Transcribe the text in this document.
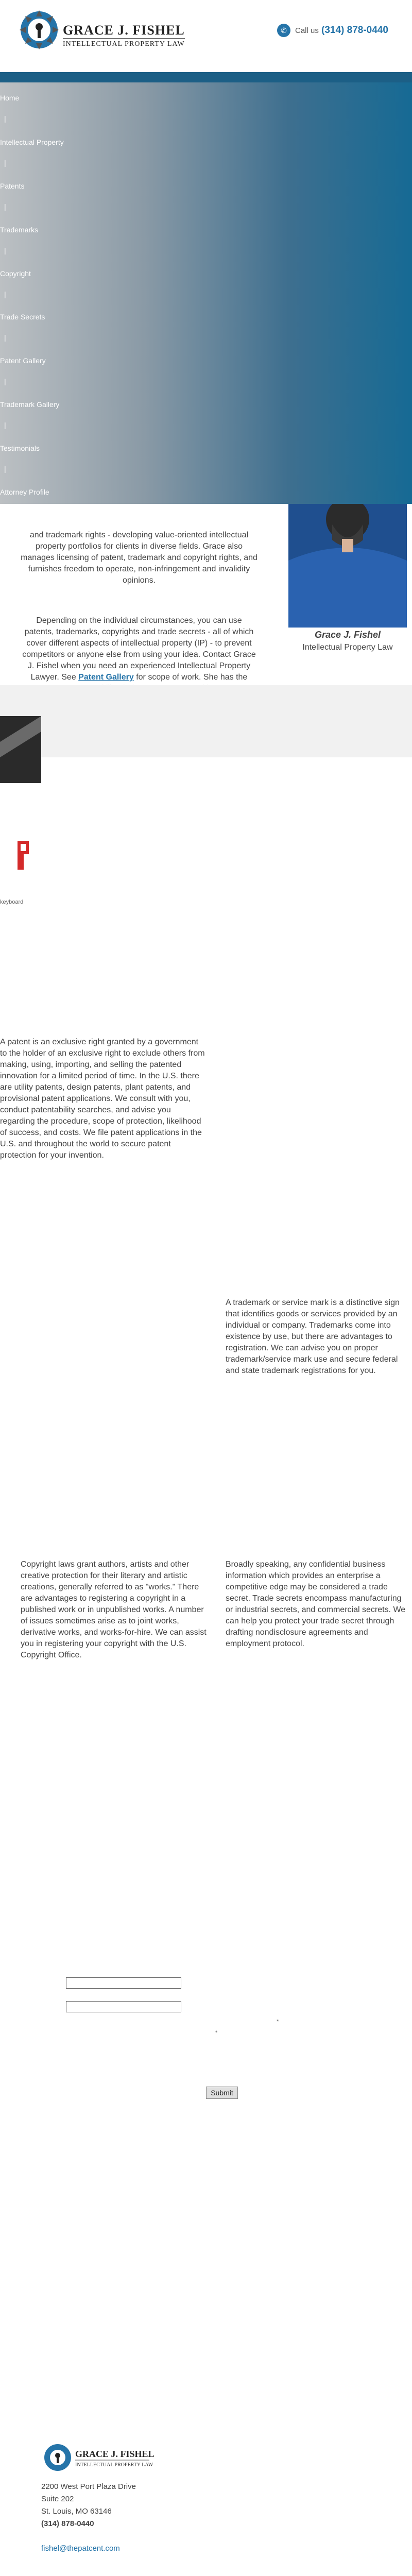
GRACE J. FISHEL
INTELLECTUAL PROPERTY LAW
✆	Call us (314) 878-0440
Home
|
Intellectual Property
|
Patents
|
Trademarks
|
Copyright
|
Trade Secrets
|
Patent Gallery
|
Trademark Gallery
|
Testimonials
|
Attorney Profile

and trademark rights - developing value-oriented intellectual property portfolios for clients in diverse fields. Grace also manages licensing of patent, trademark and copyright rights, and furnishes freedom to operate, non-infringement and invalidity opinions.

Depending on the individual circumstances, you can use patents, trademarks, copyrights and trade secrets - all of which cover different aspects of intellectual property (IP) - to prevent competitors or anyone else from using your idea. Contact Grace J. Fishel when you need an experienced Intellectual Property Lawyer. See Patent Gallery for scope of work. She has the

Grace J. Fishel
Intellectual Property Law
keyboard

A patent is an exclusive right granted by a government to the holder of an exclusive right to exclude others from making, using, importing, and selling the patented innovation for a limited period of time. In the U.S. there are utility patents, design patents, plant patents, and provisional patent applications. We consult with you, conduct patentability searches, and advise you regarding the procedure, scope of protection, likelihood of success, and costs. We file patent applications in the U.S. and throughout the world to secure patent protection for your invention.

A trademark or service mark is a distinctive sign that identifies goods or services provided by an individual or company. Trademarks come into existence by use, but there are advantages to registration. We can advise you on proper trademark/service mark use and secure federal and state trademark registrations for you.

Copyright laws grant authors, artists and other creative protection for their literary and artistic creations, generally referred to as "works." There are advantages to registering a copyright in a published work or in unpublished works. A number of issues sometimes arise as to joint works, derivative works, and works-for-hire. We can assist you in registering your copyright with the U.S. Copyright Office.

Broadly speaking, any confidential business information which provides an enterprise a competitive edge may be considered a trade secret. Trade secrets encompass manufacturing or industrial secrets, and commercial secrets. We can help you protect your trade secret through drafting nondisclosure agreements and employment protocol.

*
*
Submit
GRACE J. FISHEL
INTELLECTUAL PROPERTY LAW
2200 West Port Plaza Drive
Suite 202
St. Louis, MO 63146
(314) 878-0440
fishel@thepatcent.com
